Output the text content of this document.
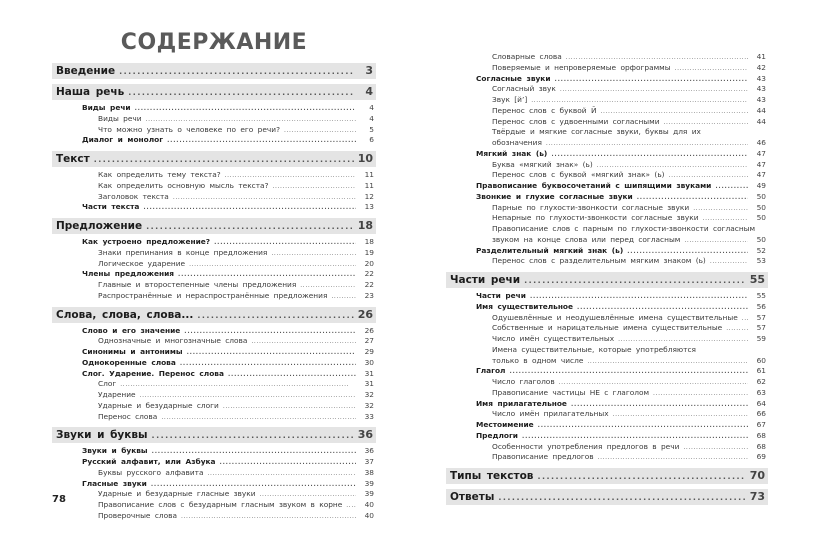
СОДЕРЖАНИЕ
Введение . . .	3
Наша речь . . .	4
Виды речи . . .	4
Виды речи . . .	4
Что можно узнать о человеке по его речи? . . .	5
Диалог и монолог . . .	6
Текст . . .	10
Как определить тему текста? . . .	11
Как определить основную мысль текста? . . .	11
Заголовок текста . . .	12
Части текста . . .	13
Предложение . . .	18
Как устроено предложение? . . .	18
Знаки препинания в конце предложения . . .	19
Логическое ударение . . .	20
Члены предложения . . .	22
Главные и второстепенные члены предложения . . .	22
Распространённые и нераспространённые предложения . . .	23
Слова, слова, слова... . . .	26
Слово и его значение . . .	26
Однозначные и многозначные слова . . .	27
Синонимы и антонимы . . .	29
Однокоренные слова . . .	30
Слог. Ударение. Перенос слова . . .	31
Слог . . .	31
Ударение . . .	32
Ударные и безударные слоги . . .	32
Перенос слова . . .	33
Звуки и буквы . . .	36
Звуки и буквы . . .	36
Русский алфавит, или Азбука . . .	37
Буквы русского алфавита . . .	38
Гласные звуки . . .	39
Ударные и безударные гласные звуки . . .	39
Правописание слов с безударным гласным звуком в корне . . .	40
Проверочные слова . . .	40
Словарные слова . . .	41
Поверяемые и непроверяемые орфограммы . . .	42
Согласные звуки . . .	43
Согласный звук . . .	43
Звук [й’] . . .	43
Перенос слов с буквой Й . . .	44
Перенос слов с удвоенными согласными . . .	44
Твёрдые и мягкие согласные звуки, буквы для их
обозначения . . .	46
Мягкий знак (ь) . . .	47
Буква «мягкий знак» (ь) . . .	47
Перенос слов с буквой «мягкий знак» (ь) . . .	47
Правописание буквосочетаний с шипящими звуками . . .	49
Звонкие и глухие согласные звуки . . .	50
Парные по глухости-звонкости согласные звуки . . .	50
Непарные по глухости-звонкости согласные звуки . . .	50
Правописание слов с парным по глухости-звонкости согласным
звуком на конце слова или перед согласным . . .	50
Разделительный мягкий знак (ь) . . .	52
Перенос слов с разделительным мягким знаком (ь) . . .	53
Части речи . . .	55
Части речи . . .	55
Имя существительное . . .	56
Одушевлённые и неодушевлённые имена существительные . . .	57
Собственные и нарицательные имена существительные . . .	57
Число имён существительных . . .	59
Имена существительные, которые употребляются
только в одном числе . . .	60
Глагол . . .	61
Число глаголов . . .	62
Правописание частицы НЕ с глаголом . . .	63
Имя прилагательное . . .	64
Число имён прилагательных . . .	66
Местоимение . . .	67
Предлоги . . .	68
Особенности употребления предлогов в речи . . .	68
Правописание предлогов . . .	69
Типы текстов . . .	70
Ответы . . .	73
78
